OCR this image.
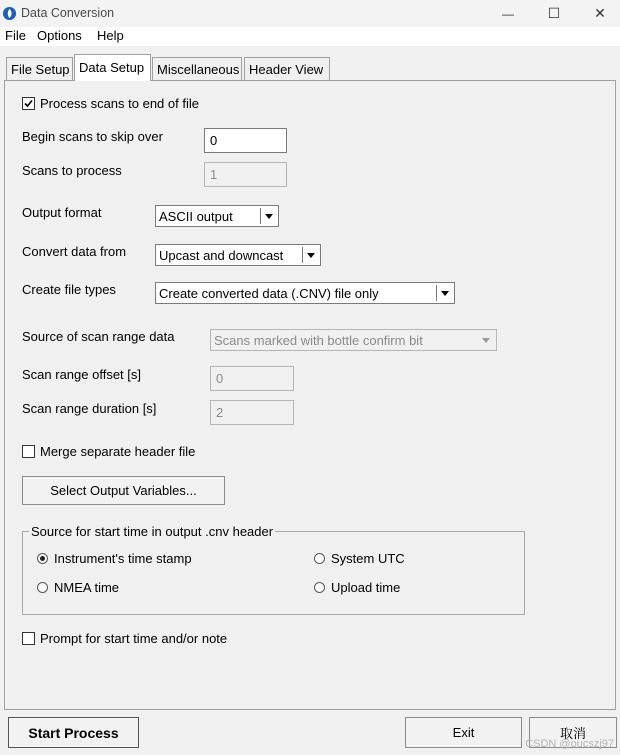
Data Conversion	— ☐ ✕
File Options Help
File Setup Data Setup Miscellaneous Header View
Process scans to end of file
Begin scans to skip over	0
Scans to process	1
Output format	ASCII output
Convert data from	Upcast and downcast
Create file types	Create converted data (.CNV) file only
Source of scan range data	Scans marked with bottle confirm bit
Scan range offset [s]	0
Scan range duration [s]	2
Merge separate header file
Select Output Variables...
Source for start time in output .cnv header
Instrument's time stamp	System UTC
NMEA time	Upload time
Prompt for start time and/or note
Start Process	Exit	取消
CSDN @oucszj97
